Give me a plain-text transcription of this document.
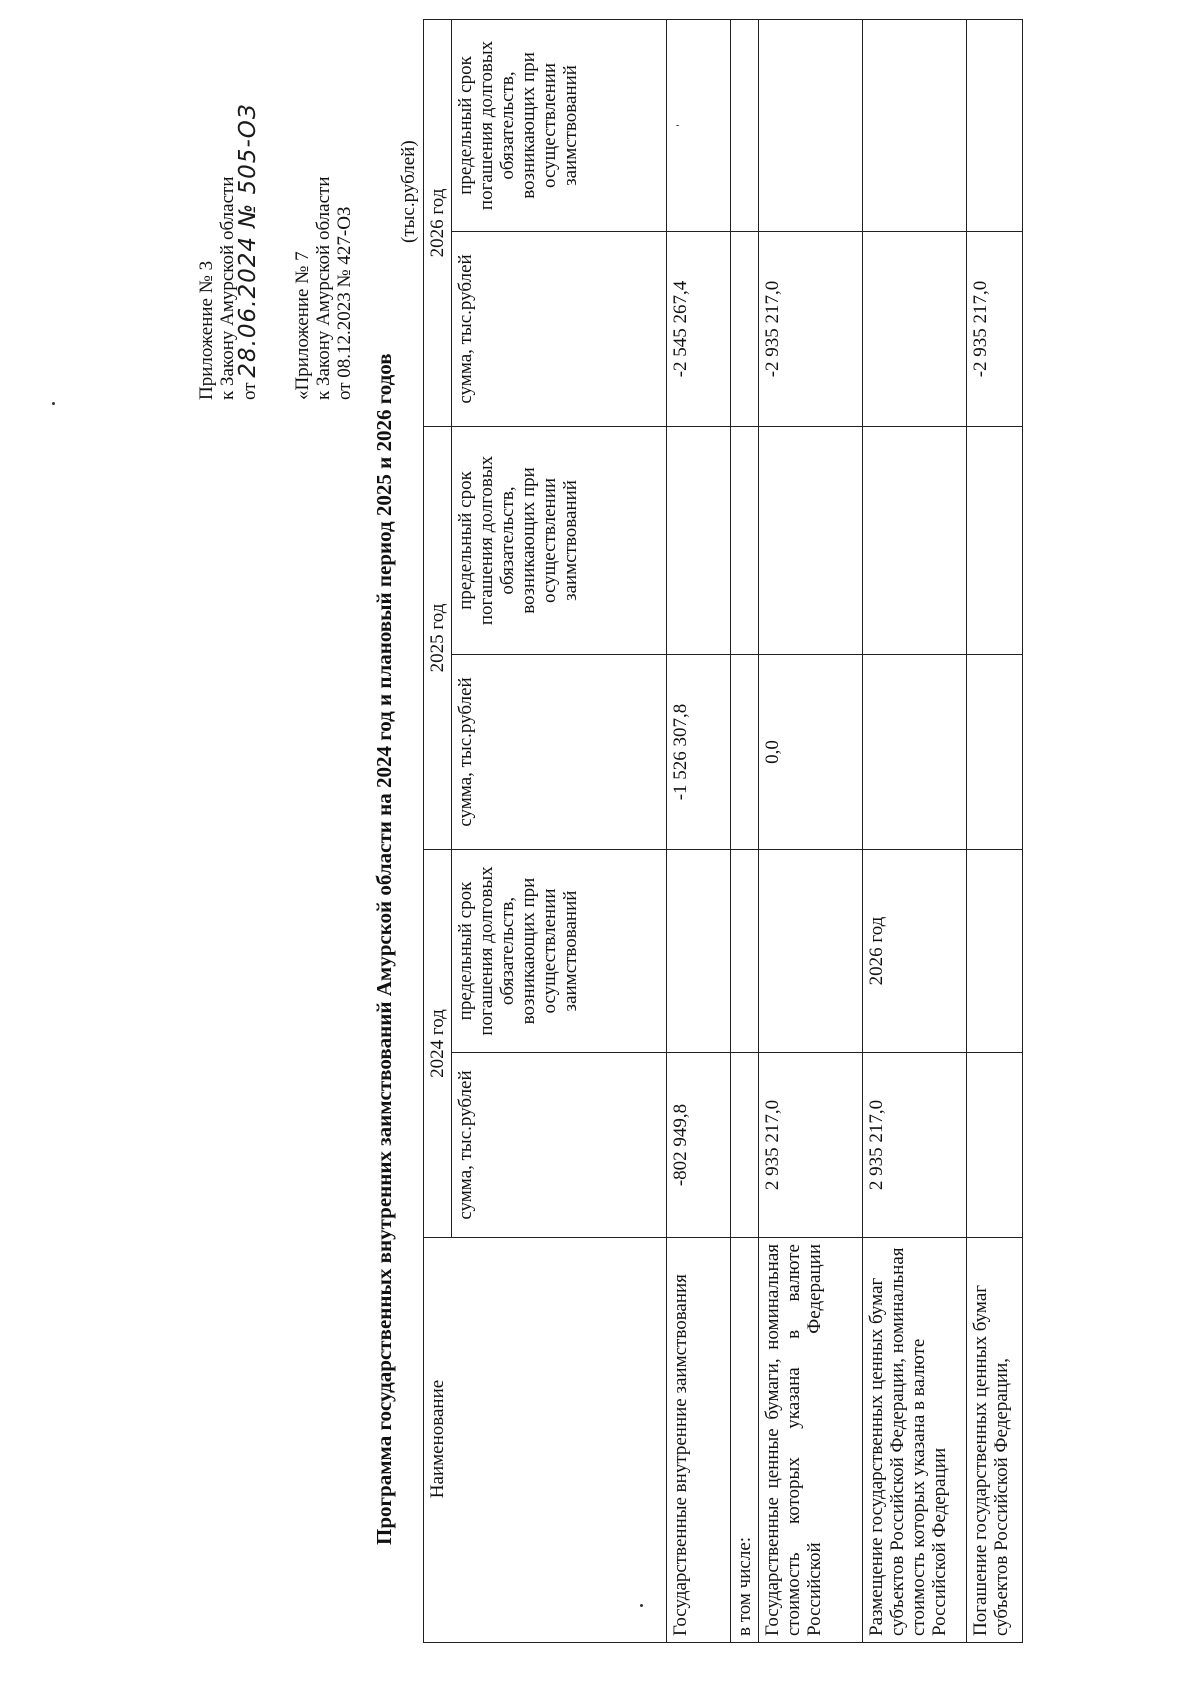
Приложение № 3 к Закону Амурской области от 28.06.2024 № 505-ОЗ «Приложение № 7 к Закону Амурской области от 08.12.2023 № 427-ОЗ
Программа государственных внутренних заимствований Амурской области на 2024 год и плановый период 2025 и 2026 годов
(тыс.рублей)
Наименование	2024 год		2025 год		2026 год	
	сумма, тыс.рублей	предельный срок погашения долговых обязательств, возникающих при осуществлении заимствований	сумма, тыс.рублей	предельный срок погашения долговых обязательств, возникающих при осуществлении заимствований	сумма, тыс.рублей	предельный срок погашения долговых обязательств, возникающих при осуществлении заимствований
Государственные внутренние заимствования	-802 949,8		-1 526 307,8		-2 545 267,4	'
в том числе:						
Государственные ценные бумаги, номинальная стоимость которых указана в валюте Российской Федерации	2 935 217,0		0,0		-2 935 217,0	
Размещение государственных ценных бумаг субъектов Российской Федерации, номинальная стоимость которых указана в валюте Российской Федерации	2 935 217,0	2026 год				
Погашение государственных ценных бумаг субъектов Российской Федерации,					-2 935 217,0	
